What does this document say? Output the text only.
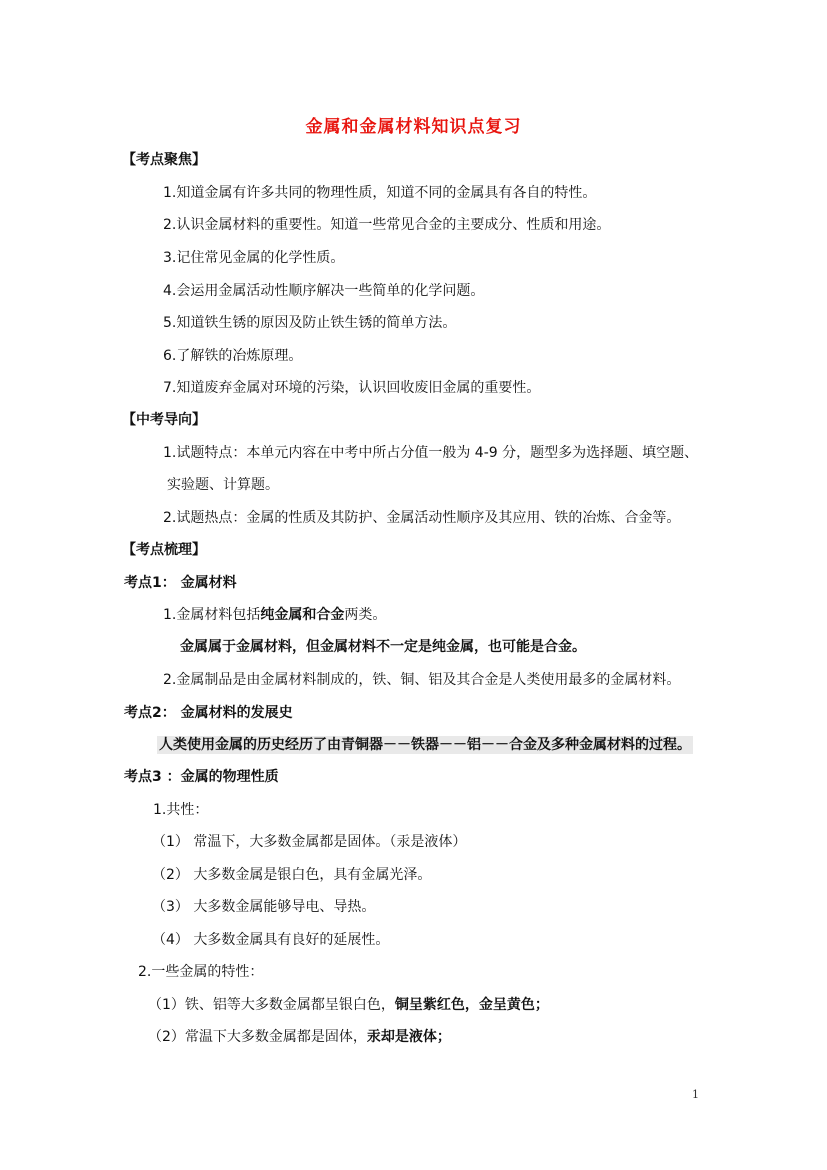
金属和金属材料知识点复习
【考点聚焦】
1.知道金属有许多共同的物理性质，知道不同的金属具有各自的特性。
2.认识金属材料的重要性。知道一些常见合金的主要成分、性质和用途。
3.记住常见金属的化学性质。
4.会运用金属活动性顺序解决一些简单的化学问题。
5.知道铁生锈的原因及防止铁生锈的简单方法。
6.了解铁的冶炼原理。
7.知道废弃金属对环境的污染，认识回收废旧金属的重要性。
【中考导向】
1.试题特点：本单元内容在中考中所占分值一般为 4-9 分，题型多为选择题、填空题、
实验题、计算题。
2.试题热点：金属的性质及其防护、金属活动性顺序及其应用、铁的冶炼、合金等。
【考点梳理】
考点1： 金属材料
1.金属材料包括纯金属和合金两类。
金属属于金属材料，但金属材料不一定是纯金属，也可能是合金。
2.金属制品是由金属材料制成的，铁、铜、铝及其合金是人类使用最多的金属材料。
考点2： 金属材料的发展史
人类使用金属的历史经历了由青铜器－－铁器－－铝－－合金及多种金属材料的过程。
考点3 ：金属的物理性质
1.共性：
（1） 常温下，大多数金属都是固体。（汞是液体）
（2） 大多数金属是银白色，具有金属光泽。
（3） 大多数金属能够导电、导热。
（4） 大多数金属具有良好的延展性。
2.一些金属的特性：
（1）铁、铝等大多数金属都呈银白色，铜呈紫红色，金呈黄色；
（2）常温下大多数金属都是固体，汞却是液体；
1
